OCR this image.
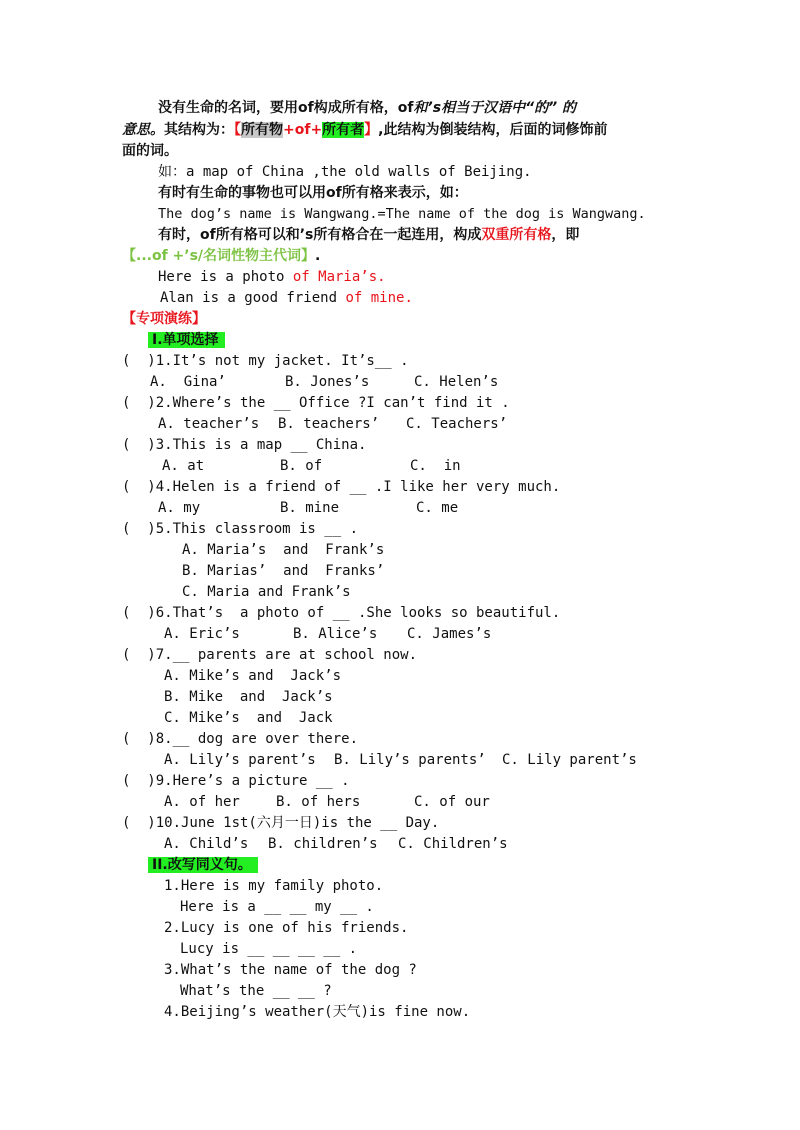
没有生命的名词，要用of构成所有格，of和’s相当于汉语中“的” 的
意思。其结构为：【所有物+of+所有者】,此结构为倒装结构，后面的词修饰前
面的词。
如：a map of China ,the old walls of Beijing.
有时有生命的事物也可以用of所有格来表示，如：
The dog’s name is Wangwang.=The name of the dog is Wangwang.
有时，of所有格可以和’s所有格合在一起连用，构成双重所有格，即
【...of +’s/名词性物主代词】.
Here is a photo of Maria’s.
Alan is a good friend of mine.
【专项演练】
I.单项选择
(  )1.It’s not my jacket. It’s__ .
A.  Gina’	B. Jones’s	C. Helen’s
(  )2.Where’s the __ Office ?I can’t find it .
A. teacher’s B. teachers’ C. Teachers’
(  )3.This is a map __ China.
A. at	B. of	C.  in
(  )4.Helen is a friend of __ .I like her very much.
A. my	B. mine	C. me
(  )5.This classroom is __ .
A. Maria’s  and  Frank’s
B. Marias’  and  Franks’
C. Maria and Frank’s
(  )6.That’s  a photo of __ .She looks so beautiful.
A. Eric’s	B. Alice’s C. James’s
(  )7.__ parents are at school now.
A. Mike’s and  Jack’s
B. Mike  and  Jack’s
C. Mike’s  and  Jack
(  )8.__ dog are over there.
A. Lily’s parent’s B. Lily’s parents’ C. Lily parent’s
(  )9.Here’s a picture __ .
A. of her	B. of hers	C. of our
(  )10.June 1st(六月一日)is the __ Day.
A. Child’s B. children’s C. Children’s
II.改写同义句。
1.Here is my family photo.
Here is a __ __ my __ .
2.Lucy is one of his friends.
Lucy is __ __ __ __ .
3.What’s the name of the dog ?
What’s the __ __ ?
4.Beijing’s weather(天气)is fine now.
